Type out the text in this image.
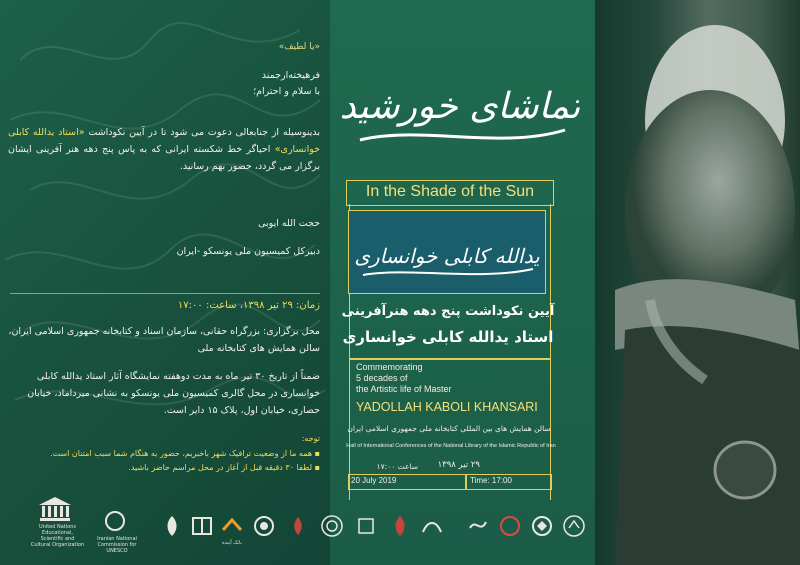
«یا لطیف»
فرهیخته‌ارجمند
با سلام و احترام؛
بدینوسیله از جنابعالی دعوت می شود تا در آیین نکوداشت «استاد یدالله کابلی خوانساری» احیاگر خط شکسته ایرانی که به پاس پنج دهه هنر آفرینی ایشان برگزار می گردد، حضور بهم رسانید.
حجت الله ایوبی
دبیرکل کمیسیون ملی یونسکو -ایران
زمان: ۲۹ تیر ۱۳۹۸، ساعت: ۱۷:۰۰
محل برگزاری: بزرگراه حقانی، سازمان اسناد و کتابخانه جمهوری اسلامی ایران، سالن همایش های کتابخانه ملی
ضمناً از تاریخ ۳۰ تیر ماه به مدت دوهفته نمایشگاه آثار استاد یدالله کابلی خوانساری در محل گالری کمیسیون ملی یونسکو به نشانی میرداماد، خیابان حصاری، خیابان اول، پلاک ۱۵ دایر است.
توجه:
▪ همه ما از وضعیت ترافیک شهر باخبریم، حضور به هنگام شما سبب امتنان است.
▪ لطفا ۳۰ دقیقه قبل از آغاز در محل مراسم حاضر باشید.
United Nations Educational, Scientific and Cultural Organization
Iranian National Commission for UNESCO
بانک آینده
تماشای خورشید
In the Shade of the Sun
یدالله کابلی خوانساری
آیین نکوداشت پنج دهه هنرآفرینی
استاد یدالله کابلی خوانساری
Commemorating
5 decades of
the Artistic life of Master
YADOLLAH KABOLI KHANSARI
سالن همایش های بین المللی کتابخانه ملی جمهوری اسلامی ایران
Hall of International Conferences of the National Library of the Islamic Republic of Iran
۲۹ تیر ۱۳۹۸
ساعت ۱۷:۰۰
20 July 2019	Time: 17:00
